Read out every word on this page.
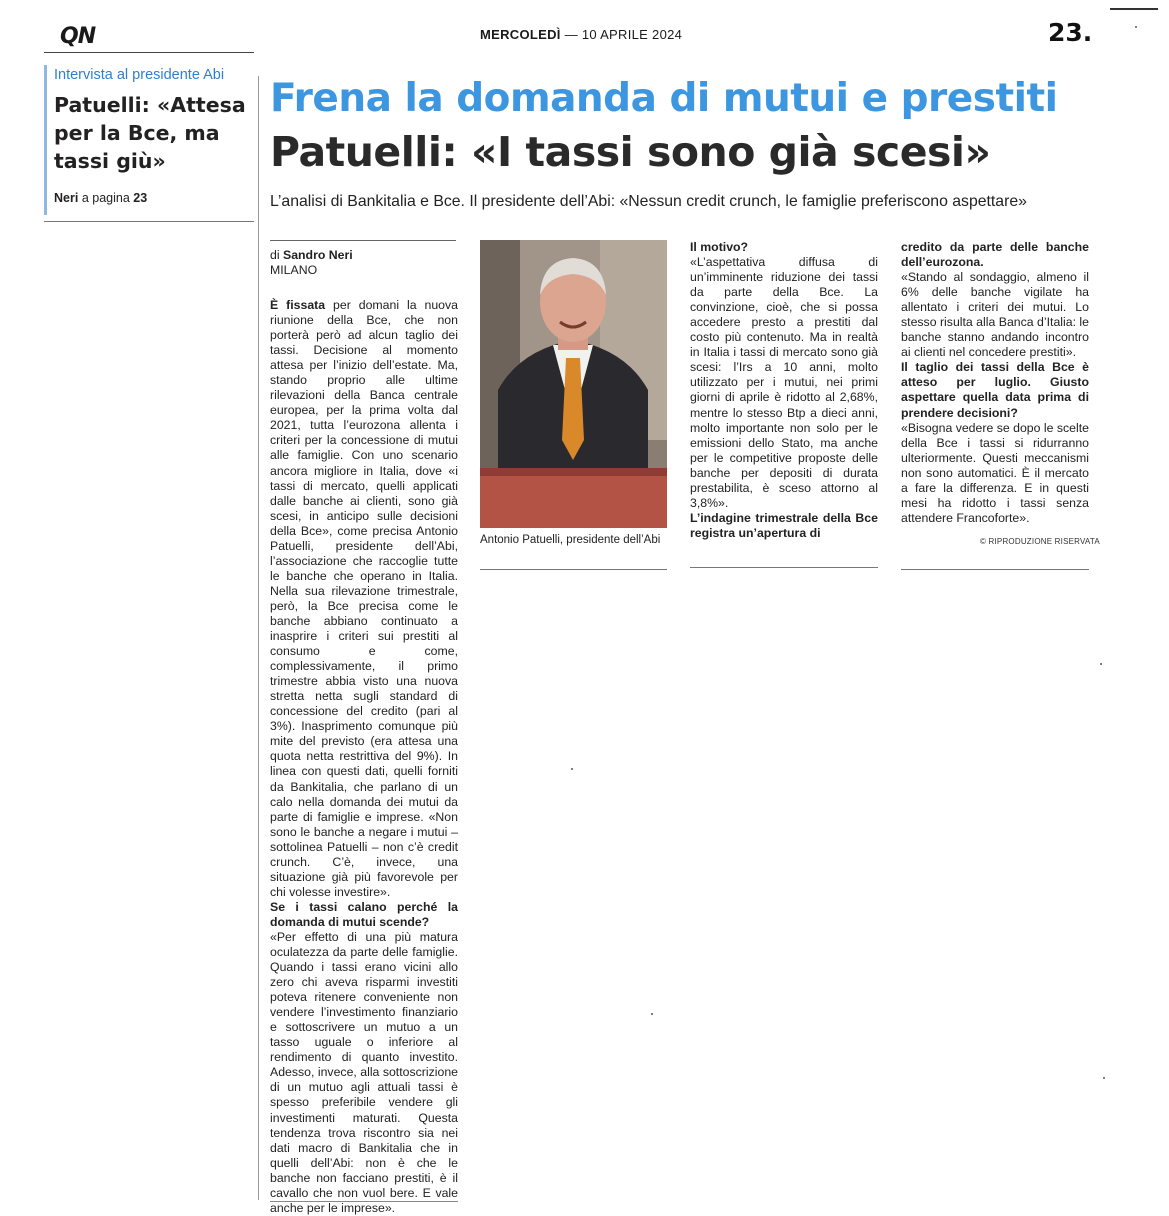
QN	MERCOLEDÌ — 10 APRILE 2024	23.
Intervista al presidente Abi
Patuelli: «Attesa per la Bce, ma tassi giù»
Neri a pagina 23
Frena la domanda di mutui e prestiti
Patuelli: «I tassi sono già scesi»
L’analisi di Bankitalia e Bce. Il presidente dell’Abi: «Nessun credit crunch, le famiglie preferiscono aspettare»
di Sandro Neri
MILANO

È fissata per domani la nuova riunione della Bce, che non porterà però ad alcun taglio dei tassi. Decisione al momento attesa per l’inizio dell’estate. Ma, stando proprio alle ultime rilevazioni della Banca centrale europea, per la prima volta dal 2021, tutta l’eurozona allenta i criteri per la concessione di mutui alle famiglie. Con uno scenario ancora migliore in Italia, dove «i tassi di mercato, quelli applicati dalle banche ai clienti, sono già scesi, in anticipo sulle decisioni della Bce», come precisa Antonio Patuelli, presidente dell’Abi, l’associazione che raccoglie tutte le banche che operano in Italia. Nella sua rilevazione trimestrale, però, la Bce precisa come le banche abbiano continuato a inasprire i criteri sui prestiti al consumo e come, complessivamente, il primo trimestre abbia visto una nuova stretta netta sugli standard di concessione del credito (pari al 3%). Inasprimento comunque più mite del previsto (era attesa una quota netta restrittiva del 9%). In linea con questi dati, quelli forniti da Bankitalia, che parlano di un calo nella domanda dei mutui da parte di famiglie e imprese. «Non sono le banche a negare i mutui – sottolinea Patuelli – non c’è credit crunch. C’è, invece, una situazione già più favorevole per chi volesse investire».

Se i tassi calano perché la domanda di mutui scende?

«Per effetto di una più matura oculatezza da parte delle famiglie. Quando i tassi erano vicini allo zero chi aveva risparmi investiti poteva ritenere conveniente non vendere l’investimento finanziario e sottoscrivere un mutuo a un tasso uguale o inferiore al rendimento di quanto investito. Adesso, invece, alla sottoscrizione di un mutuo agli attuali tassi è spesso preferibile vendere gli investimenti maturati. Questa tendenza trova riscontro sia nei dati macro di Bankitalia che in quelli dell’Abi: non è che le banche non facciano prestiti, è il cavallo che non vuol bere. E vale anche per le imprese».

Antonio Patuelli, presidente dell’Abi

Il motivo?

«L’aspettativa diffusa di un’imminente riduzione dei tassi da parte della Bce. La convinzione, cioè, che si possa accedere presto a prestiti dal costo più contenuto. Ma in realtà in Italia i tassi di mercato sono già scesi: l’Irs a 10 anni, molto utilizzato per i mutui, nei primi giorni di aprile è ridotto al 2,68%, mentre lo stesso Btp a dieci anni, molto importante non solo per le emissioni dello Stato, ma anche per le competitive proposte delle banche per depositi di durata prestabilita, è sceso attorno al 3,8%».

L’indagine trimestrale della Bce registra un’apertura di

credito da parte delle banche dell’eurozona.

«Stando al sondaggio, almeno il 6% delle banche vigilate ha allentato i criteri dei mutui. Lo stesso risulta alla Banca d’Italia: le banche stanno andando incontro ai clienti nel concedere prestiti».

Il taglio dei tassi della Bce è atteso per luglio. Giusto aspettare quella data prima di prendere decisioni?

«Bisogna vedere se dopo le scelte della Bce i tassi si ridurranno ulteriormente. Questi meccanismi non sono automatici. È il mercato a fare la differenza. E in questi mesi ha ridotto i tassi senza attendere Francoforte».

© RIPRODUZIONE RISERVATA
